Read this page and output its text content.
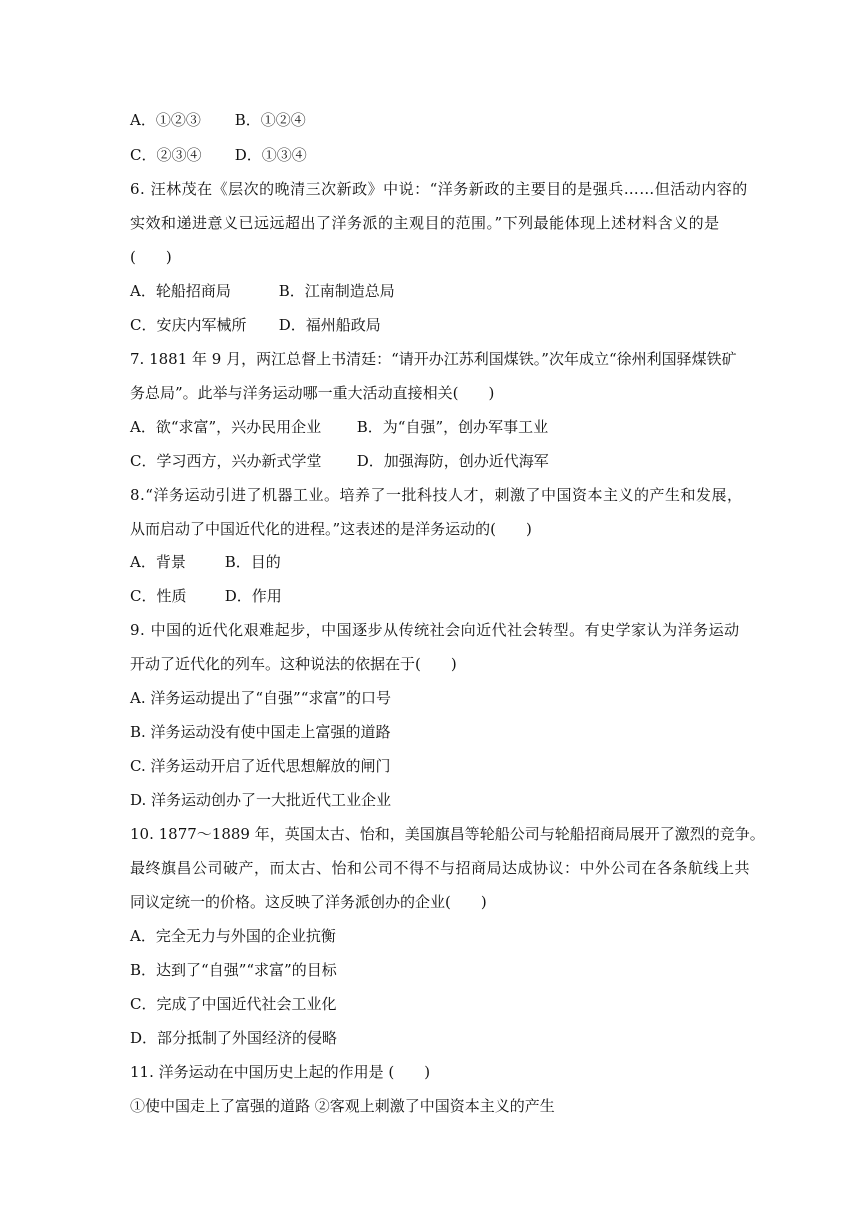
A．①②③ B．①②④
C．②③④ D．①③④
6. 汪林茂在《层次的晚清三次新政》中说：“洋务新政的主要目的是强兵……但活动内容的
实效和递进意义已远远超出了洋务派的主观目的范围。”下列最能体现上述材料含义的是
(　　)
A．轮船招商局	B．江南制造总局
C．安庆内军械所 D．福州船政局
7. 1881 年 9 月，两江总督上书清廷：“请开办江苏利国煤铁。”次年成立“徐州利国驿煤铁矿
务总局”。此举与洋务运动哪一重大活动直接相关(　　)
A．欲“求富”，兴办民用企业 B．为“自强”，创办军事工业
C．学习西方，兴办新式学堂 D．加强海防，创办近代海军
8.“洋务运动引进了机器工业。培养了一批科技人才，刺激了中国资本主义的产生和发展，
从而启动了中国近代化的进程。”这表述的是洋务运动的(　　)
A．背景	B．目的
C．性质	D．作用
9. 中国的近代化艰难起步，中国逐步从传统社会向近代社会转型。有史学家认为洋务运动
开动了近代化的列车。这种说法的依据在于(　　)
A. 洋务运动提出了“自强”“求富”的口号
B. 洋务运动没有使中国走上富强的道路
C. 洋务运动开启了近代思想解放的闸门
D. 洋务运动创办了一大批近代工业企业
10. 1877～1889 年，英国太古、怡和，美国旗昌等轮船公司与轮船招商局展开了激烈的竞争。
最终旗昌公司破产，而太古、怡和公司不得不与招商局达成协议：中外公司在各条航线上共
同议定统一的价格。这反映了洋务派创办的企业(　　)
A．完全无力与外国的企业抗衡
B．达到了“自强”“求富”的目标
C．完成了中国近代社会工业化
D．部分抵制了外国经济的侵略
11. 洋务运动在中国历史上起的作用是 (　　)
①使中国走上了富强的道路 ②客观上刺激了中国资本主义的产生
